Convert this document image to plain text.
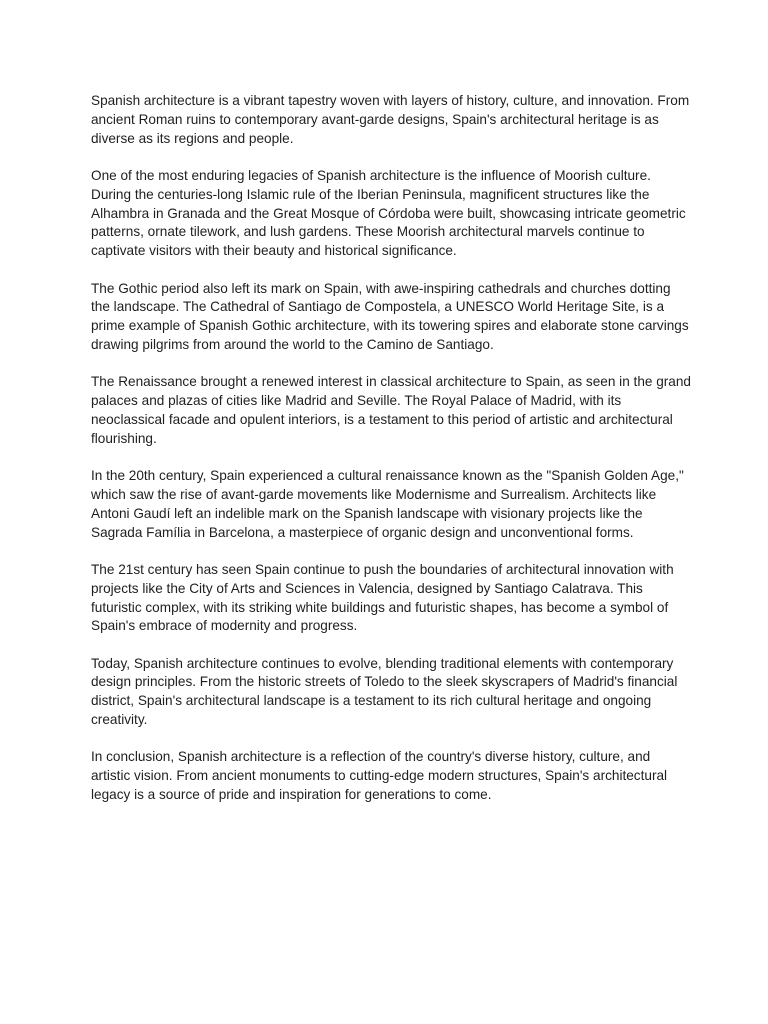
Spanish architecture is a vibrant tapestry woven with layers of history, culture, and innovation. From ancient Roman ruins to contemporary avant-garde designs, Spain's architectural heritage is as diverse as its regions and people.

One of the most enduring legacies of Spanish architecture is the influence of Moorish culture. During the centuries-long Islamic rule of the Iberian Peninsula, magnificent structures like the Alhambra in Granada and the Great Mosque of Córdoba were built, showcasing intricate geometric patterns, ornate tilework, and lush gardens. These Moorish architectural marvels continue to captivate visitors with their beauty and historical significance.

The Gothic period also left its mark on Spain, with awe-inspiring cathedrals and churches dotting the landscape. The Cathedral of Santiago de Compostela, a UNESCO World Heritage Site, is a prime example of Spanish Gothic architecture, with its towering spires and elaborate stone carvings drawing pilgrims from around the world to the Camino de Santiago.

The Renaissance brought a renewed interest in classical architecture to Spain, as seen in the grand palaces and plazas of cities like Madrid and Seville. The Royal Palace of Madrid, with its neoclassical facade and opulent interiors, is a testament to this period of artistic and architectural flourishing.

In the 20th century, Spain experienced a cultural renaissance known as the "Spanish Golden Age," which saw the rise of avant-garde movements like Modernisme and Surrealism. Architects like Antoni Gaudí left an indelible mark on the Spanish landscape with visionary projects like the Sagrada Família in Barcelona, a masterpiece of organic design and unconventional forms.

The 21st century has seen Spain continue to push the boundaries of architectural innovation with projects like the City of Arts and Sciences in Valencia, designed by Santiago Calatrava. This futuristic complex, with its striking white buildings and futuristic shapes, has become a symbol of Spain's embrace of modernity and progress.

Today, Spanish architecture continues to evolve, blending traditional elements with contemporary design principles. From the historic streets of Toledo to the sleek skyscrapers of Madrid's financial district, Spain's architectural landscape is a testament to its rich cultural heritage and ongoing creativity.

In conclusion, Spanish architecture is a reflection of the country's diverse history, culture, and artistic vision. From ancient monuments to cutting-edge modern structures, Spain's architectural legacy is a source of pride and inspiration for generations to come.
